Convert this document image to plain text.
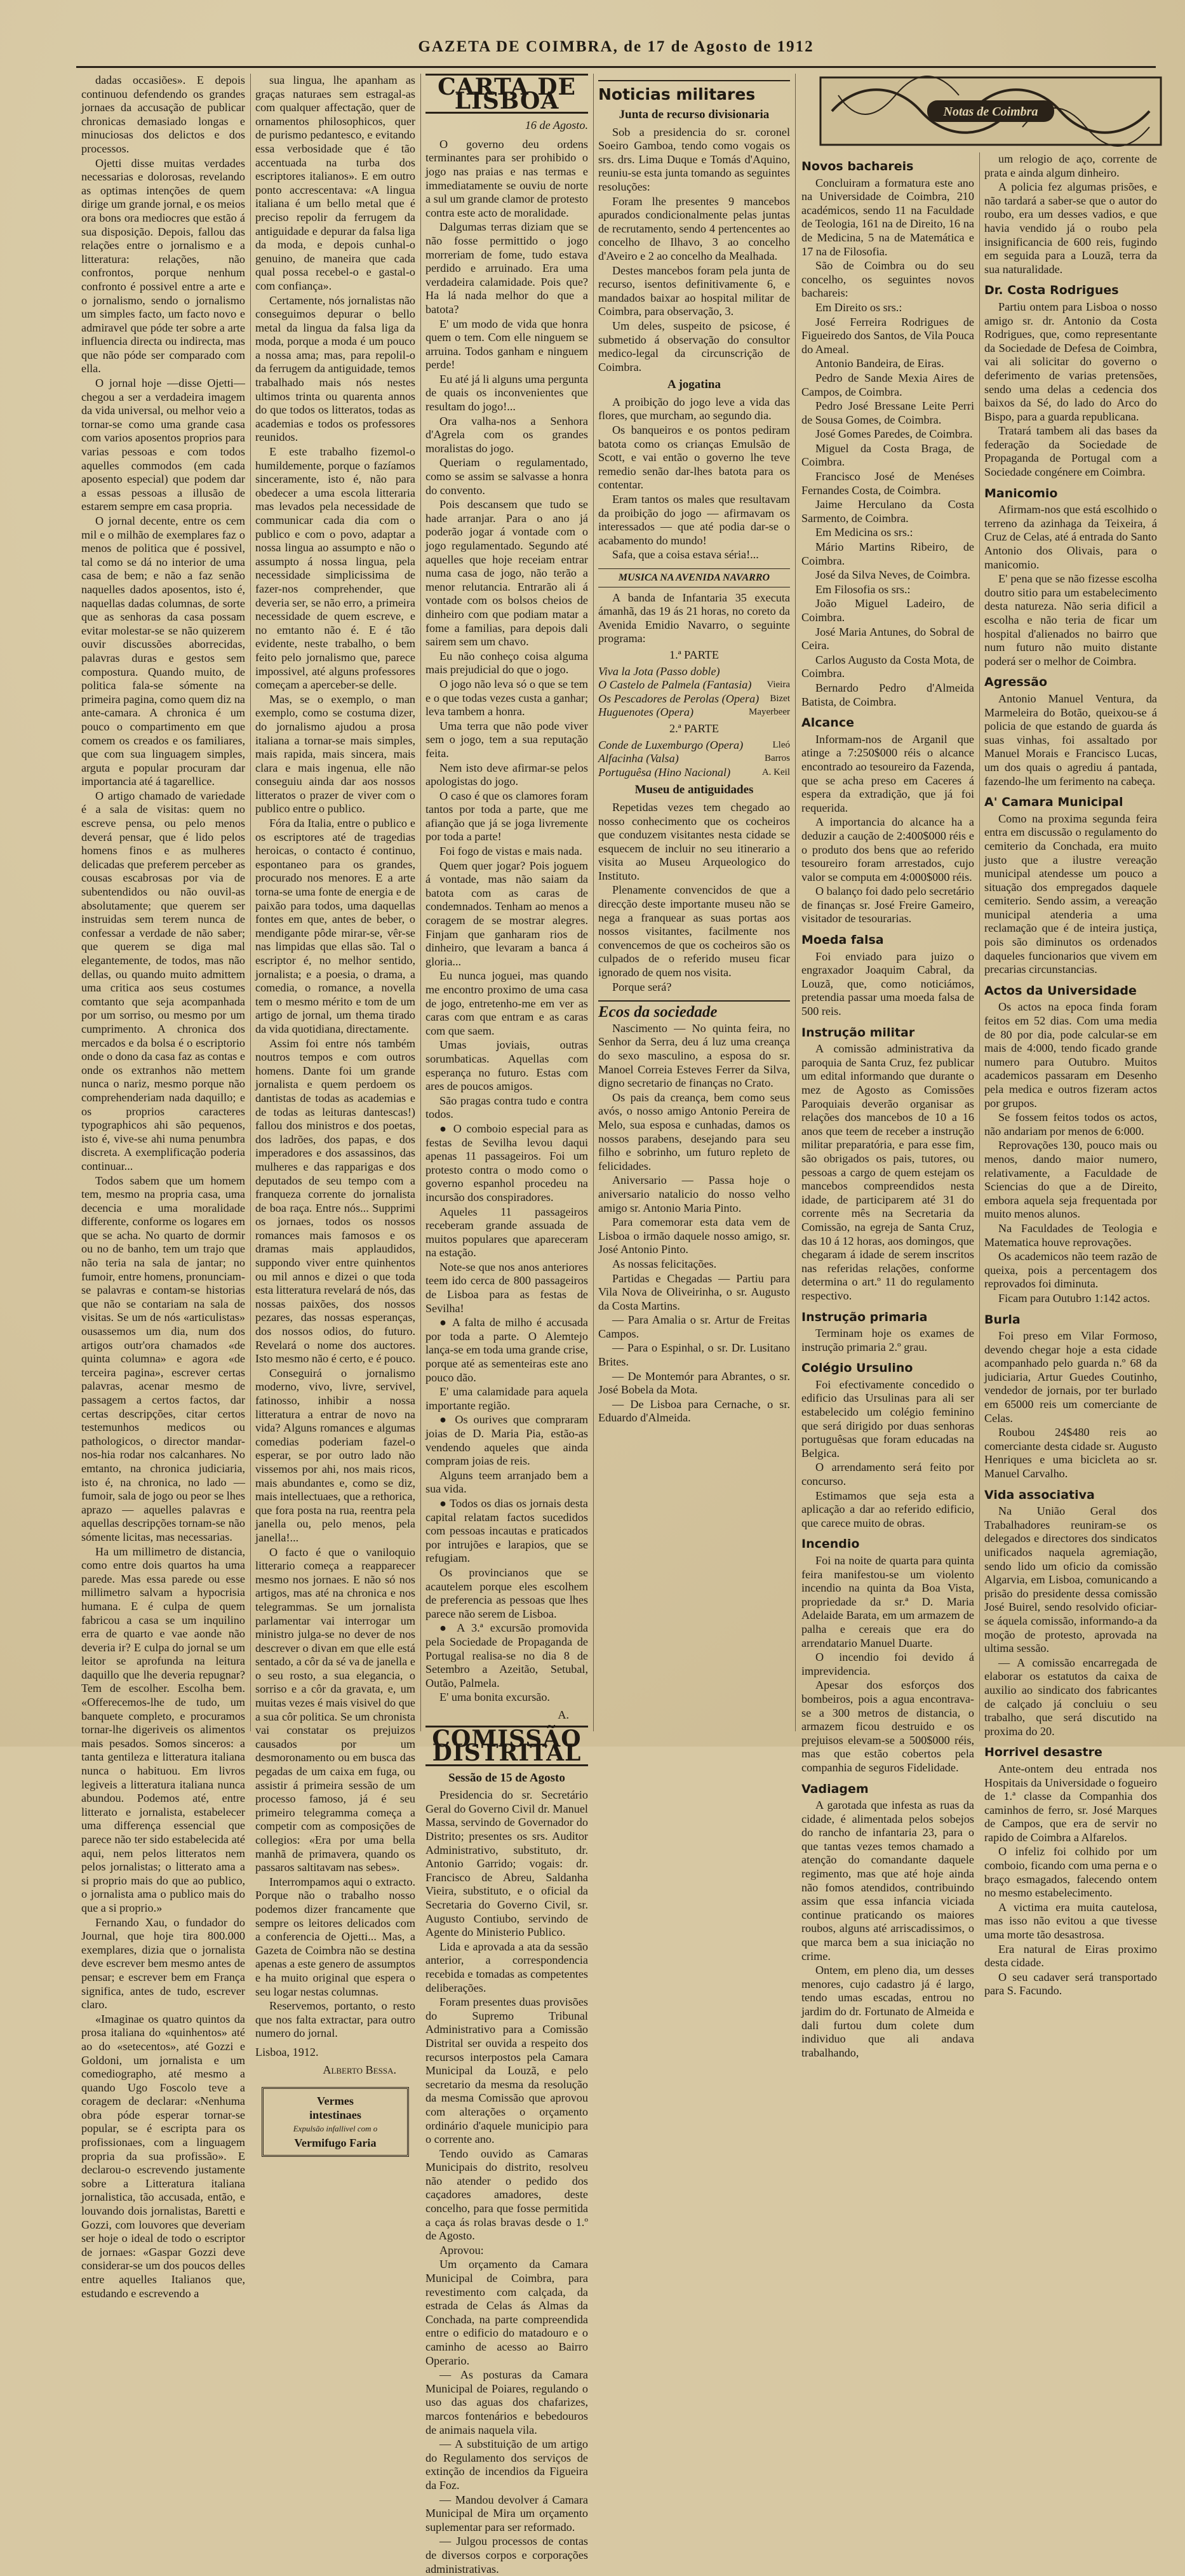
GAZETA DE COIMBRA, de 17 de Agosto de 1912

dadas occasiões». E depois continuou defendendo os grandes jornaes da accusação de publicar chronicas demasiado longas e minuciosas dos delictos e dos processos.

Ojetti disse muitas verdades necessarias e dolorosas, revelando as optimas intenções de quem dirige um grande jornal, e os meios ora bons ora mediocres que estão á sua disposição. Depois, fallou das relações entre o jornalismo e a litteratura: relações, não confrontos, porque nenhum confronto é possivel entre a arte e o jornalismo, sendo o jornalismo um simples facto, um facto novo e admiravel que póde ter sobre a arte influencia directa ou indirecta, mas que não póde ser comparado com ella.

O jornal hoje —disse Ojetti— chegou a ser a verdadeira imagem da vida universal, ou melhor veio a tornar-se como uma grande casa com varios aposentos proprios para varias pessoas e com todos aquelles commodos (em cada aposento especial) que podem dar a essas pessoas a illusão de estarem sempre em casa propria.

O jornal decente, entre os cem mil e o milhão de exemplares faz o menos de politica que é possivel, tal como se dá no interior de uma casa de bem; e não a faz senão naquelles dados aposentos, isto é, naquellas dadas columnas, de sorte que as senhoras da casa possam evitar molestar-se se não quizerem ouvir discussões aborrecidas, palavras duras e gestos sem compostura. Quando muito, de politica fala-se sómente na primeira pagina, como quem diz na ante-camara. A chronica é um pouco o compartimento em que comem os creados e os familiares, que com sua linguagem simples, arguta e popular procuram dar importancia até á tagarellice.

O artigo chamado de variedade é a sala de visitas: quem no escreve pensa, ou pelo menos deverá pensar, que é lido pelos homens finos e as mulheres delicadas que preferem perceber as cousas escabrosas por via de subentendidos ou não ouvil-as absolutamente; que querem ser instruidas sem terem nunca de confessar a verdade de não saber; que querem se diga mal elegantemente, de todos, mas não dellas, ou quando muito admittem uma critica aos seus costumes comtanto que seja acompanhada por um sorriso, ou mesmo por um cumprimento. A chronica dos mercados e da bolsa é o escriptorio onde o dono da casa faz as contas e onde os extranhos não mettem nunca o nariz, mesmo porque não comprehenderiam nada daquillo; e os proprios caracteres typographicos ahi são pequenos, isto é, vive-se ahi numa penumbra discreta. A exemplificação poderia continuar...

Todos sabem que um homem tem, mesmo na propria casa, uma decencia e uma moralidade differente, conforme os logares em que se acha. No quarto de dormir ou no de banho, tem um trajo que não teria na sala de jantar; no fumoir, entre homens, pronunciam-se palavras e contam-se historias que não se contariam na sala de visitas. Se um de nós «articulistas» ousassemos um dia, num dos artigos outr'ora chamados «de quinta columna» e agora «de terceira pagina», escrever certas palavras, acenar mesmo de passagem a certos factos, dar certas descripções, citar certos testemunhos medicos ou pathologicos, o director mandar-nos-hia rodar nos calcanhares. No emtanto, na chronica judiciaria, isto é, na chronica, no lado — fumoir, sala de jogo ou peor se lhes aprazo — aquelles palavras e aquellas descripções tornam-se não sómente licitas, mas necessarias.

Ha um millimetro de distancia, como entre dois quartos ha uma parede. Mas essa parede ou esse millimetro salvam a hypocrisia humana. E é culpa de quem fabricou a casa se um inquilino erra de quarto e vae aonde não deveria ir? E culpa do jornal se um leitor se aprofunda na leitura daquillo que lhe deveria repugnar? Tem de escolher. Escolha bem. «Offerecemos-lhe de tudo, um banquete completo, e procuramos tornar-lhe digeriveis os alimentos mais pesados. Somos sinceros: a tanta gentileza e litteratura italiana nunca o habituou. Em livros legiveis a litteratura italiana nunca abundou. Podemos até, entre litterato e jornalista, estabelecer uma differença essencial que parece não ter sido estabelecida até aqui, nem pelos litteratos nem pelos jornalistas; o litterato ama a si proprio mais do que ao publico, o jornalista ama o publico mais do que a si proprio.»

Fernando Xau, o fundador do Journal, que hoje tira 800.000 exemplares, dizia que o jornalista deve escrever bem mesmo antes de pensar; e escrever bem em França significa, antes de tudo, escrever claro.

«Imaginae os quatro quintos da prosa italiana do «quinhentos» até ao do «setecentos», até Gozzi e Goldoni, um jornalista e um comediographo, até mesmo a quando Ugo Foscolo teve a coragem de declarar: «Nenhuma obra póde esperar tornar-se popular, se é escripta para os profissionaes, com a linguagem propria da sua profissão». E declarou-o escrevendo justamente sobre a Litteratura italiana jornalistica, tão accusada, então, e louvando dois jornalistas, Baretti e Gozzi, com louvores que deveriam ser hoje o ideal de todo o escriptor de jornaes: «Gaspar Gozzi deve considerar-se um dos poucos delles entre aquelles Italianos que, estudando e escrevendo a

sua lingua, lhe apanham as graças naturaes sem estragal-as com qualquer affectação, quer de ornamentos philosophicos, quer de purismo pedantesco, e evitando essa verbosidade que é tão accentuada na turba dos escriptores italianos». E em outro ponto accrescentava: «A lingua italiana é um bello metal que é preciso repolir da ferrugem da antiguidade e depurar da falsa liga da moda, e depois cunhal-o genuino, de maneira que cada qual possa recebel-o e gastal-o com confiança».

Certamente, nós jornalistas não conseguimos depurar o bello metal da lingua da falsa liga da moda, porque a moda é um pouco a nossa ama; mas, para repolil-o da ferrugem da antiguidade, temos trabalhado mais nós nestes ultimos trinta ou quarenta annos do que todos os litteratos, todas as academias e todos os professores reunidos.

E este trabalho fizemol-o humildemente, porque o fazíamos sinceramente, isto é, não para obedecer a uma escola litteraria mas levados pela necessidade de communicar cada dia com o publico e com o povo, adaptar a nossa lingua ao assumpto e não o assumpto á nossa lingua, pela necessidade simplicissima de fazer-nos comprehender, que deveria ser, se não erro, a primeira necessidade de quem escreve, e no emtanto não é. E é tão evidente, neste trabalho, o bem feito pelo jornalismo que, parece impossivel, até alguns professores começam a aperceber-se delle.

Mas, se o exemplo, o man exemplo, como se costuma dizer, do jornalismo ajudou a prosa italiana a tornar-se mais simples, mais rapida, mais sincera, mais clara e mais ingenua, elle não conseguiu ainda dar aos nossos litteratos o prazer de viver com o publico entre o publico.

Fóra da Italia, entre o publico e os escriptores até de tragedias heroicas, o contacto é continuo, espontaneo para os grandes, procurado nos menores. E a arte torna-se uma fonte de energia e de paixão para todos, uma daquellas fontes em que, antes de beber, o mendigante pôde mirar-se, vêr-se nas limpidas que ellas são. Tal o escriptor é, no melhor sentido, jornalista; e a poesia, o drama, a comedia, o romance, a novella tem o mesmo mérito e tom de um artigo de jornal, um thema tirado da vida quotidiana, directamente.

Assim foi entre nós também noutros tempos e com outros homens. Dante foi um grande jornalista e quem perdoem os dantistas de todas as academias e de todas as leituras dantescas!) fallou dos ministros e dos poetas, dos ladrões, dos papas, e dos imperadores e dos assassinos, das mulheres e das rapparigas e dos deputados de seu tempo com a franqueza corrente do jornalista de boa raça. Entre nós... Supprimi os jornaes, todos os nossos romances mais famosos e os dramas mais applaudidos, suppondo viver entre quinhentos ou mil annos e dizei o que toda esta litteratura revelará de nós, das nossas paixões, dos nossos pezares, das nossas esperanças, dos nossos odios, do futuro. Revelará o nome dos auctores. Isto mesmo não é certo, e é pouco.

Conseguirá o jornalismo moderno, vivo, livre, servivel, fatinosso, inhibir a nossa litteratura a entrar de novo na vida? Alguns romances e algumas comedias poderiam fazel-o esperar, se por outro lado não vissemos por ahi, nos mais ricos, mais abundantes e, como se diz, mais intellectuaes, que a rethorica, que fora posta na rua, reentra pela janella ou, pelo menos, pela janella!...

O facto é que o vaniloquio litterario começa a reapparecer mesmo nos jornaes. E não só nos artigos, mas até na chronica e nos telegrammas. Se um jornalista parlamentar vai interrogar um ministro julga-se no dever de nos descrever o divan em que elle está sentado, a côr da sé va de janella e o seu rosto, a sua elegancia, o sorriso e a côr da gravata, e, um muitas vezes é mais visivel do que a sua côr politica. Se um chronista vai constatar os prejuizos causados por um desmoronamento ou em busca das pegadas de um caixa em fuga, ou assistir á primeira sessão de um processo famoso, já é seu primeiro telegramma começa a competir com as composições de collegios: «Era por uma bella manhã de primavera, quando os passaros saltitavam nas sebes».

Interrompamos aqui o extracto. Porque não o trabalho nosso podemos dizer francamente que sempre os leitores delicados com a conferencia de Ojetti... Mas, a Gazeta de Coimbra não se destina apenas a este genero de assumptos e ha muito original que espera o seu logar nestas columnas.

Reservemos, portanto, o resto que nos falta extractar, para outro numero do jornal.

Lisboa, 1912.

Alberto Bessa.
Vermes
intestinaes
Expulsão infallivel com o
Vermifugo Faria
CARTA DE LISBOA
16 de Agosto.

O governo deu ordens terminantes para ser prohibido o jogo nas praias e nas termas e immediatamente se ouviu de norte a sul um grande clamor de protesto contra este acto de moralidade.

Dalgumas terras diziam que se não fosse permittido o jogo morreriam de fome, tudo estava perdido e arruinado. Era uma verdadeira calamidade. Pois que? Ha lá nada melhor do que a batota?

E' um modo de vida que honra quem o tem. Com elle ninguem se arruina. Todos ganham e ninguem perde!

Eu até já li alguns uma pergunta de quais os inconvenientes que resultam do jogo!...

Ora valha-nos a Senhora d'Agrela com os grandes moralistas do jogo.

Queriam o regulamentado, como se assim se salvasse a honra do convento.

Pois descansem que tudo se hade arranjar. Para o ano já poderão jogar á vontade com o jogo regulamentado. Segundo até aquelles que hoje receiam entrar numa casa de jogo, não terão a menor relutancia. Entrarão ali á vontade com os bolsos cheios de dinheiro com que podiam matar a fome a familias, para depois dali sairem sem um chavo.

Eu não conheço coisa alguma mais prejudicial do que o jogo.

O jogo não leva só o que se tem e o que todas vezes custa a ganhar; leva tambem a honra.

Uma terra que não pode viver sem o jogo, tem a sua reputação feita.

Nem isto deve afirmar-se pelos apologistas do jogo.

O caso é que os clamores foram tantos por toda a parte, que me afianção que já se joga livremente por toda a parte!

Foi fogo de vistas e mais nada.

Quem quer jogar? Pois joguem á vontade, mas não saiam da batota com as caras de condemnados. Tenham ao menos a coragem de se mostrar alegres. Finjam que ganharam rios de dinheiro, que levaram a banca á gloria...

Eu nunca joguei, mas quando me encontro proximo de uma casa de jogo, entretenho-me em ver as caras com que entram e as caras com que saem.

Umas joviais, outras sorumbaticas. Aquellas com esperança no futuro. Estas com ares de poucos amigos.

São pragas contra tudo e contra todos.

● O comboio especial para as festas de Sevilha levou daqui apenas 11 passageiros. Foi um protesto contra o modo como o governo espanhol procedeu na incursão dos conspiradores.

Aqueles 11 passageiros receberam grande assuada de muitos populares que apareceram na estação.

Note-se que nos anos anteriores teem ido cerca de 800 passageiros de Lisboa para as festas de Sevilha!

● A falta de milho é accusada por toda a parte. O Alemtejo lança-se em toda uma grande crise, porque até as sementeiras este ano pouco dão.

E' uma calamidade para aquela importante região.

● Os ourives que compraram joias de D. Maria Pia, estão-as vendendo aqueles que ainda compram joias de reis.

Alguns teem arranjado bem a sua vida.

● Todos os dias os jornais desta capital relatam factos sucedidos com pessoas incautas e praticados por intrujões e larapios, que se refugiam.

Os provincianos que se acautelem porque eles escolhem de preferencia as pessoas que lhes parece não serem de Lisboa.

● A 3.ª excursão promovida pela Sociedade de Propaganda de Portugal realisa-se no dia 8 de Setembro a Azeitão, Setubal, Outão, Palmela.

E' uma bonita excursão.

A.
COMISSÃO DISTRITAL
Sessão de 15 de Agosto

Presidencia do sr. Secretário Geral do Governo Civil dr. Manuel Massa, servindo de Governador do Distrito; presentes os srs. Auditor Administrativo, substituto, dr. Antonio Garrido; vogais: dr. Francisco de Abreu, Saldanha Vieira, substituto, e o oficial da Secretaria do Governo Civil, sr. Augusto Contiubo, servindo de Agente do Ministerio Publico.

Lida e aprovada a ata da sessão anterior, a correspondencia recebida e tomadas as competentes deliberações.

Foram presentes duas provisões do Supremo Tribunal Administrativo para a Comissão Distrital ser ouvida a respeito dos recursos interpostos pela Camara Municipal da Louzã, e pelo secretario da mesma da resolução da mesma Comissão que aprovou com alterações o orçamento ordinário d'aquele municipio para o corrente ano.

Tendo ouvido as Camaras Municipais do distrito, resolveu não atender o pedido dos caçadores amadores, deste concelho, para que fosse permitida a caça ás rolas bravas desde o 1.º de Agosto.

Aprovou:

Um orçamento da Camara Municipal de Coimbra, para revestimento com calçada, da estrada de Celas ás Almas da Conchada, na parte compreendida entre o edificio do matadouro e o caminho de acesso ao Bairro Operario.

— As posturas da Camara Municipal de Poiares, regulando o uso das aguas dos chafarizes, marcos fontenários e bebedouros de animais naquela vila.

— A substituição de um artigo do Regulamento dos serviços de extinção de incendios da Figueira da Foz.

— Mandou devolver á Camara Municipal de Mira um orçamento suplementar para ser reformado.

— Julgou processos de contas de diversos corpos e corporações administrativas.

Noticias militares
Junta de recurso divisionaria

Sob a presidencia do sr. coronel Soeiro Gamboa, tendo como vogais os srs. drs. Lima Duque e Tomás d'Aquino, reuniu-se esta junta tomando as seguintes resoluções:

Foram lhe presentes 9 mancebos apurados condicionalmente pelas juntas de recrutamento, sendo 4 pertencentes ao concelho de Ilhavo, 3 ao concelho d'Aveiro e 2 ao concelho da Mealhada.

Destes mancebos foram pela junta de recurso, isentos definitivamente 6, e mandados baixar ao hospital militar de Coimbra, para observação, 3.

Um deles, suspeito de psicose, é submetido á observação do consultor medico-legal da circunscrição de Coimbra.

A jogatina

A proibição do jogo leve a vida das flores, que murcham, ao segundo dia.

Os banqueiros e os pontos pediram batota como os crianças Emulsão de Scott, e vai então o governo lhe teve remedio senão dar-lhes batota para os contentar.

Eram tantos os males que resultavam da proibição do jogo — afirmavam os interessados — que até podia dar-se o acabamento do mundo!

Safa, que a coisa estava séria!...

MUSICA NA AVENIDA NAVARRO

A banda de Infantaria 35 executa ámanhã, das 19 ás 21 horas, no coreto da Avenida Emidio Navarro, o seguinte programa:

1.ª PARTE
Viva la Jota (Passo doble)
O Castelo de Palmela (Fantasia) Vieira
Os Pescadores de Perolas (Opera) Bizet
Huguenotes (Opera)	Mayerbeer
2.ª PARTE
Conde de Luxemburgo (Opera)	Lleó
Alfacinha (Valsa)	Barros
Portuguêsa (Hino Nacional)	A. Keil
Museu de antiguidades

Repetidas vezes tem chegado ao nosso conhecimento que os cocheiros que conduzem visitantes nesta cidade se esquecem de incluir no seu itinerario a visita ao Museu Arqueologico do Instituto.

Plenamente convencidos de que a direcção deste importante museu não se nega a franquear as suas portas aos nossos visitantes, facilmente nos convencemos de que os cocheiros são os culpados de o referido museu ficar ignorado de quem nos visita.

Porque será?

Ecos da sociedade

Nascimento — No quinta feira, no Senhor da Serra, deu á luz uma creança do sexo masculino, a esposa do sr. Manoel Correia Esteves Ferrer da Silva, digno secretario de finanças no Crato.

Os pais da creança, bem como seus avós, o nosso amigo Antonio Pereira de Melo, sua esposa e cunhadas, damos os nossos parabens, desejando para seu filho e sobrinho, um futuro repleto de felicidades.

Aniversario — Passa hoje o aniversario natalicio do nosso velho amigo sr. Antonio Maria Pinto.

Para comemorar esta data vem de Lisboa o irmão daquele nosso amigo, sr. José Antonio Pinto.

As nossas felicitações.

Partidas e Chegadas — Partiu para Vila Nova de Oliveirinha, o sr. Augusto da Costa Martins.

— Para Amalia o sr. Artur de Freitas Campos.

— Para o Espinhal, o sr. Dr. Lusitano Brites.

— De Montemór para Abrantes, o sr. José Bobela da Mota.

— De Lisboa para Cernache, o sr. Eduardo d'Almeida.

Notas de Coimbra
Novos bachareis

Concluiram a formatura este ano na Universidade de Coimbra, 210 académicos, sendo 11 na Faculdade de Teologia, 161 na de Direito, 16 na de Medicina, 5 na de Matemática e 17 na de Filosofia.

São de Coimbra ou do seu concelho, os seguintes novos bachareis:

Em Direito os srs.:

José Ferreira Rodrigues de Figueiredo dos Santos, de Vila Pouca do Ameal.

Antonio Bandeira, de Eiras.

Pedro de Sande Mexia Aires de Campos, de Coimbra.

Pedro José Bressane Leite Perri de Sousa Gomes, de Coimbra.

José Gomes Paredes, de Coimbra.

Miguel da Costa Braga, de Coimbra.

Francisco José de Menéses Fernandes Costa, de Coimbra.

Jaime Herculano da Costa Sarmento, de Coimbra.

Em Medicina os srs.:

Mário Martins Ribeiro, de Coimbra.

José da Silva Neves, de Coimbra.

Em Filosofia os srs.:

João Miguel Ladeiro, de Coimbra.

José Maria Antunes, do Sobral de Ceira.

Carlos Augusto da Costa Mota, de Coimbra.

Bernardo Pedro d'Almeida Batista, de Coimbra.

Alcance

Informam-nos de Arganil que atinge a 7:250$000 réis o alcance encontrado ao tesoureiro da Fazenda, que se acha preso em Caceres á espera da extradição, que já foi requerida.

A importancia do alcance ha a deduzir a caução de 2:400$000 réis e o produto dos bens que ao referido tesoureiro foram arrestados, cujo valor se computa em 4:000$000 réis.

O balanço foi dado pelo secretário de finanças sr. José Freire Gameiro, visitador de tesourarias.

Moeda falsa

Foi enviado para juizo o engraxador Joaquim Cabral, da Louzã, que, como noticiámos, pretendia passar uma moeda falsa de 500 reis.

Instrução militar

A comissão administrativa da paroquia de Santa Cruz, fez publicar um edital informando que durante o mez de Agosto as Comissões Paroquiais deverão organisar as relações dos mancebos de 10 a 16 anos que teem de receber a instrução militar preparatória, e para esse fim, são obrigados os pais, tutores, ou pessoas a cargo de quem estejam os mancebos compreendidos nesta idade, de participarem até 31 do corrente mês na Secretaria da Comissão, na egreja de Santa Cruz, das 10 á 12 horas, aos domingos, que chegaram á idade de serem inscritos nas referidas relações, conforme determina o art.º 11 do regulamento respectivo.

Instrução primaria

Terminam hoje os exames de instrução primaria 2.º grau.

Colégio Ursulino

Foi efectivamente concedido o edificio das Ursulinas para ali ser estabelecido um colégio feminino que será dirigido por duas senhoras portuguêsas que foram educadas na Belgica.

O arrendamento será feito por concurso.

Estimamos que seja esta a aplicação a dar ao referido edificio, que carece muito de obras.

Incendio

Foi na noite de quarta para quinta feira manifestou-se um violento incendio na quinta da Boa Vista, propriedade da sr.ª D. Maria Adelaide Barata, em um armazem de palha e cereais que era do arrendatario Manuel Duarte.

O incendio foi devido á imprevidencia.

Apesar dos esforços dos bombeiros, pois a agua encontrava-se a 300 metros de distancia, o armazem ficou destruido e os prejuisos elevam-se a 500$000 réis, mas que estão cobertos pela companhia de seguros Fidelidade.

Vadiagem

A garotada que infesta as ruas da cidade, é alimentada pelos sobejos do rancho de infantaria 23, para o que tantas vezes temos chamado a atenção do comandante daquele regimento, mas que até hoje ainda não fomos atendidos, contribuindo assim que essa infancia viciada continue praticando os maiores roubos, alguns até arriscadissimos, o que marca bem a sua iniciação no crime.

Ontem, em pleno dia, um desses menores, cujo cadastro já é largo, tendo umas escadas, entrou no jardim do dr. Fortunato de Almeida e dali furtou dum colete dum individuo que ali andava trabalhando,

um relogio de aço, corrente de prata e ainda algum dinheiro.

A policia fez algumas prisões, e não tardará a saber-se que o autor do roubo, era um desses vadios, e que havia vendido já o roubo pela insignificancia de 600 reis, fugindo em seguida para a Louzã, terra da sua naturalidade.

Dr. Costa Rodrigues

Partiu ontem para Lisboa o nosso amigo sr. dr. Antonio da Costa Rodrigues, que, como representante da Sociedade de Defesa de Coimbra, vai ali solicitar do governo o deferimento de varias pretensões, sendo uma delas a cedencia dos baixos da Sé, do lado do Arco do Bispo, para a guarda republicana.

Tratará tambem ali das bases da federação da Sociedade de Propaganda de Portugal com a Sociedade congénere em Coimbra.

Manicomio

Afirmam-nos que está escolhido o terreno da azinhaga da Teixeira, á Cruz de Celas, até á entrada do Santo Antonio dos Olivais, para o manicomio.

E' pena que se não fizesse escolha doutro sitio para um estabelecimento desta natureza. Não seria dificil a escolha e não teria de ficar um hospital d'alienados no bairro que num futuro não muito distante poderá ser o melhor de Coimbra.

Agressão

Antonio Manuel Ventura, da Marmeleira do Botão, queixou-se á policia de que estando de guarda ás suas vinhas, foi assaltado por Manuel Morais e Francisco Lucas, um dos quais o agrediu á pantada, fazendo-lhe um ferimento na cabeça.

A' Camara Municipal

Como na proxima segunda feira entra em discussão o regulamento do cemiterio da Conchada, era muito justo que a ilustre vereação municipal atendesse um pouco a situação dos empregados daquele cemiterio. Sendo assim, a vereação municipal atenderia a uma reclamação que é de inteira justiça, pois são diminutos os ordenados daqueles funcionarios que vivem em precarias circunstancias.

Actos da Universidade

Os actos na epoca finda foram feitos em 52 dias. Com uma media de 80 por dia, pode calcular-se em mais de 4:000, tendo ficado grande numero para Outubro. Muitos academicos passaram em Desenho pela medica e outros fizeram actos por grupos.

Se fossem feitos todos os actos, não andariam por menos de 6:000.

Reprovações 130, pouco mais ou menos, dando maior numero, relativamente, a Faculdade de Sciencias do que a de Direito, embora aquela seja frequentada por muito menos alunos.

Na Faculdades de Teologia e Matematica houve reprovações.

Os academicos não teem razão de queixa, pois a percentagem dos reprovados foi diminuta.

Ficam para Outubro 1:142 actos.

Burla

Foi preso em Vilar Formoso, devendo chegar hoje a esta cidade acompanhado pelo guarda n.º 68 da judiciaria, Artur Guedes Coutinho, vendedor de jornais, por ter burlado em 65000 reis um comerciante de Celas.

Roubou 24$480 reis ao comerciante desta cidade sr. Augusto Henriques e uma bicicleta ao sr. Manuel Carvalho.

Vida associativa

Na União Geral dos Trabalhadores reuniram-se os delegados e directores dos sindicatos unificados naquela agremiação, sendo lido um oficio da comissão Algarvia, em Lisboa, comunicando a prisão do presidente dessa comissão José Buirel, sendo resolvido oficiar-se áquela comissão, informando-a da moção de protesto, aprovada na ultima sessão.

— A comissão encarregada de elaborar os estatutos da caixa de auxilio ao sindicato dos fabricantes de calçado já concluiu o seu trabalho, que será discutido na proxima do 20.

Horrivel desastre

Ante-ontem deu entrada nos Hospitais da Universidade o fogueiro de 1.ª classe da Companhia dos caminhos de ferro, sr. José Marques de Campos, que era de servir no rapido de Coimbra a Alfarelos.

O infeliz foi colhido por um comboio, ficando com uma perna e o braço esmagados, falecendo ontem no mesmo estabelecimento.

A victima era muita cautelosa, mas isso não evitou a que tivesse uma morte tão desastrosa.

Era natural de Eiras proximo desta cidade.

O seu cadaver será transportado para S. Facundo.
